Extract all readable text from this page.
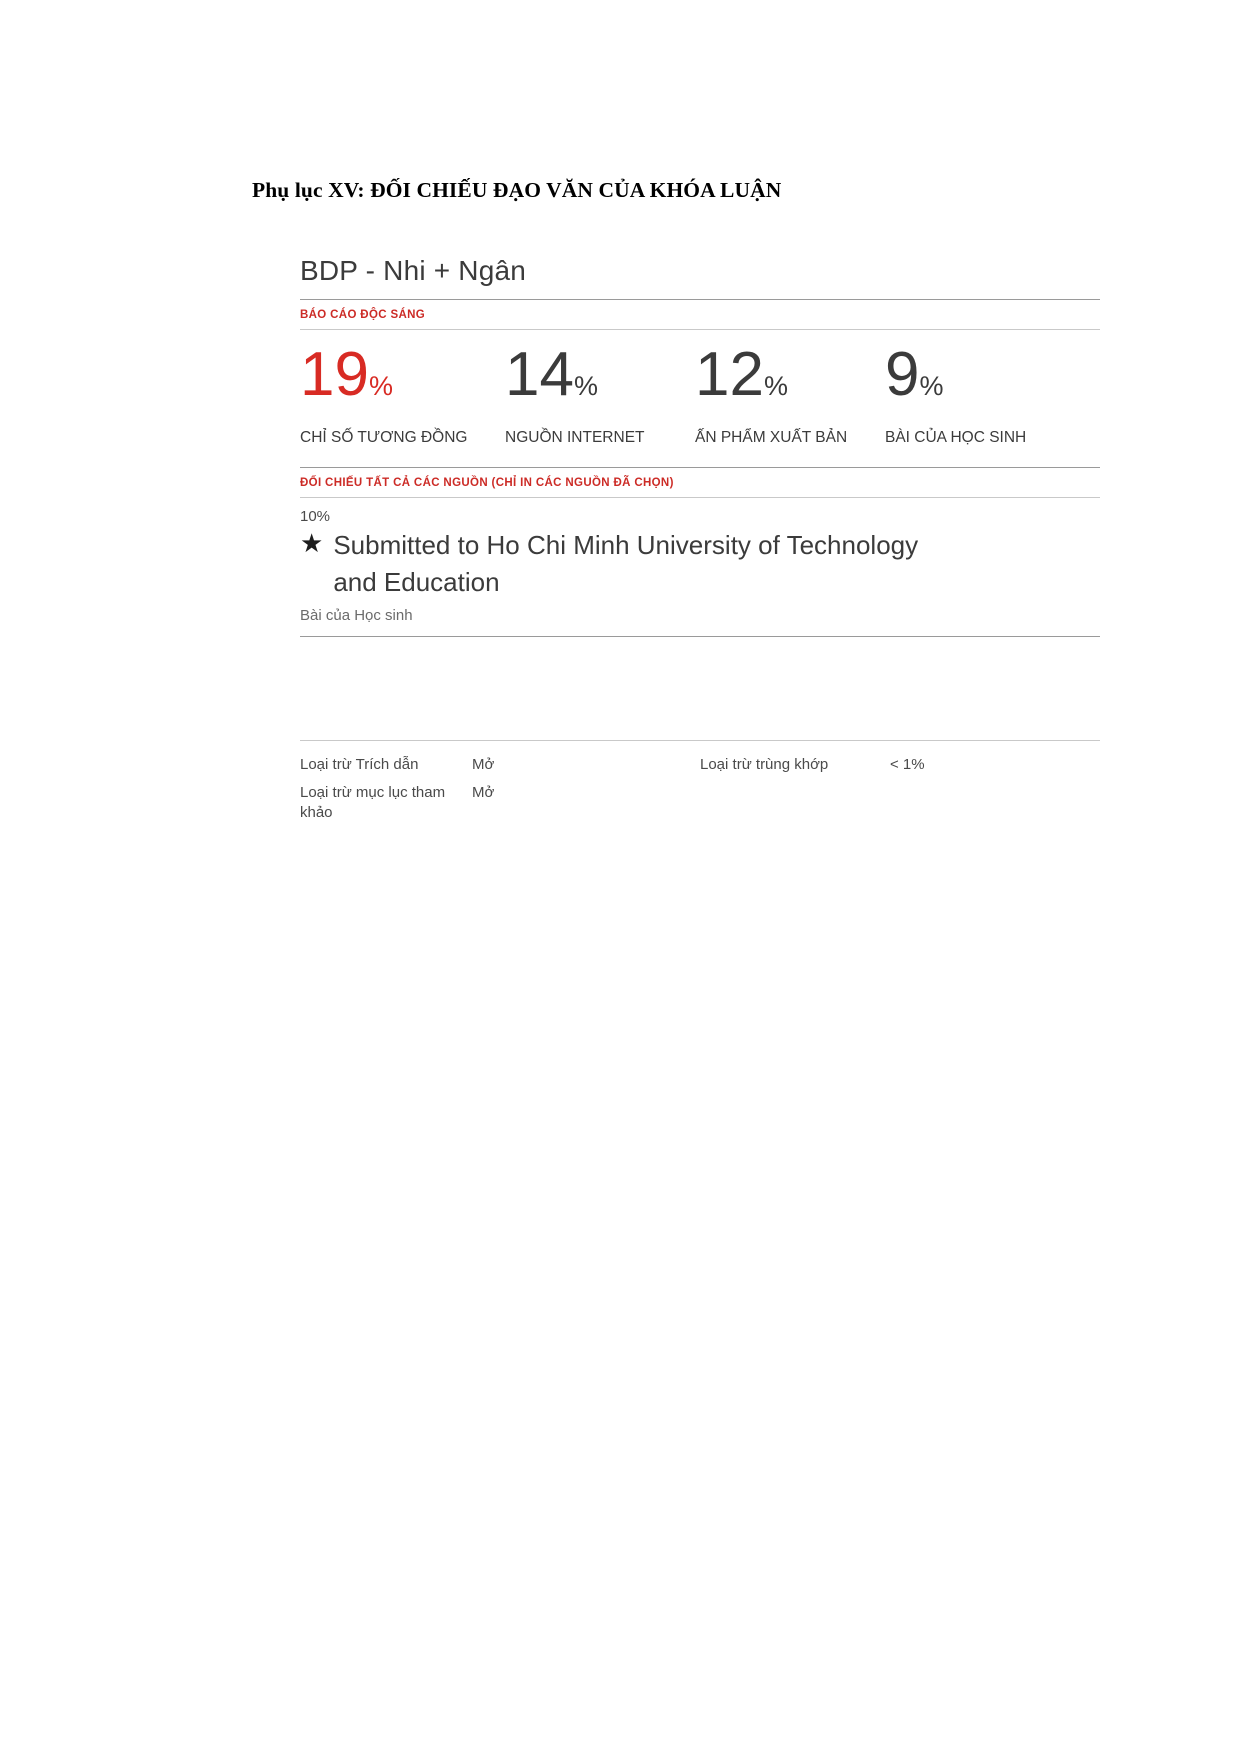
Phụ lục XV: ĐỐI CHIẾU ĐẠO VĂN CỦA KHÓA LUẬN
BDP - Nhi + Ngân
BÁO CÁO ĐỘC SÁNG
19%
CHỈ SỐ TƯƠNG ĐỒNG
14%
NGUỒN INTERNET
12%
ẤN PHẨM XUẤT BẢN
9%
BÀI CỦA HỌC SINH
ĐỐI CHIẾU TẤT CẢ CÁC NGUỒN (CHỈ IN CÁC NGUỒN ĐÃ CHỌN)
10%
★ Submitted to Ho Chi Minh University of Technology and Education
Bài của Học sinh
Loại trừ Trích dẫn	Mở
Loại trừ mục lục tham khảo
Mở
Loại trừ trùng khớp	< 1%
